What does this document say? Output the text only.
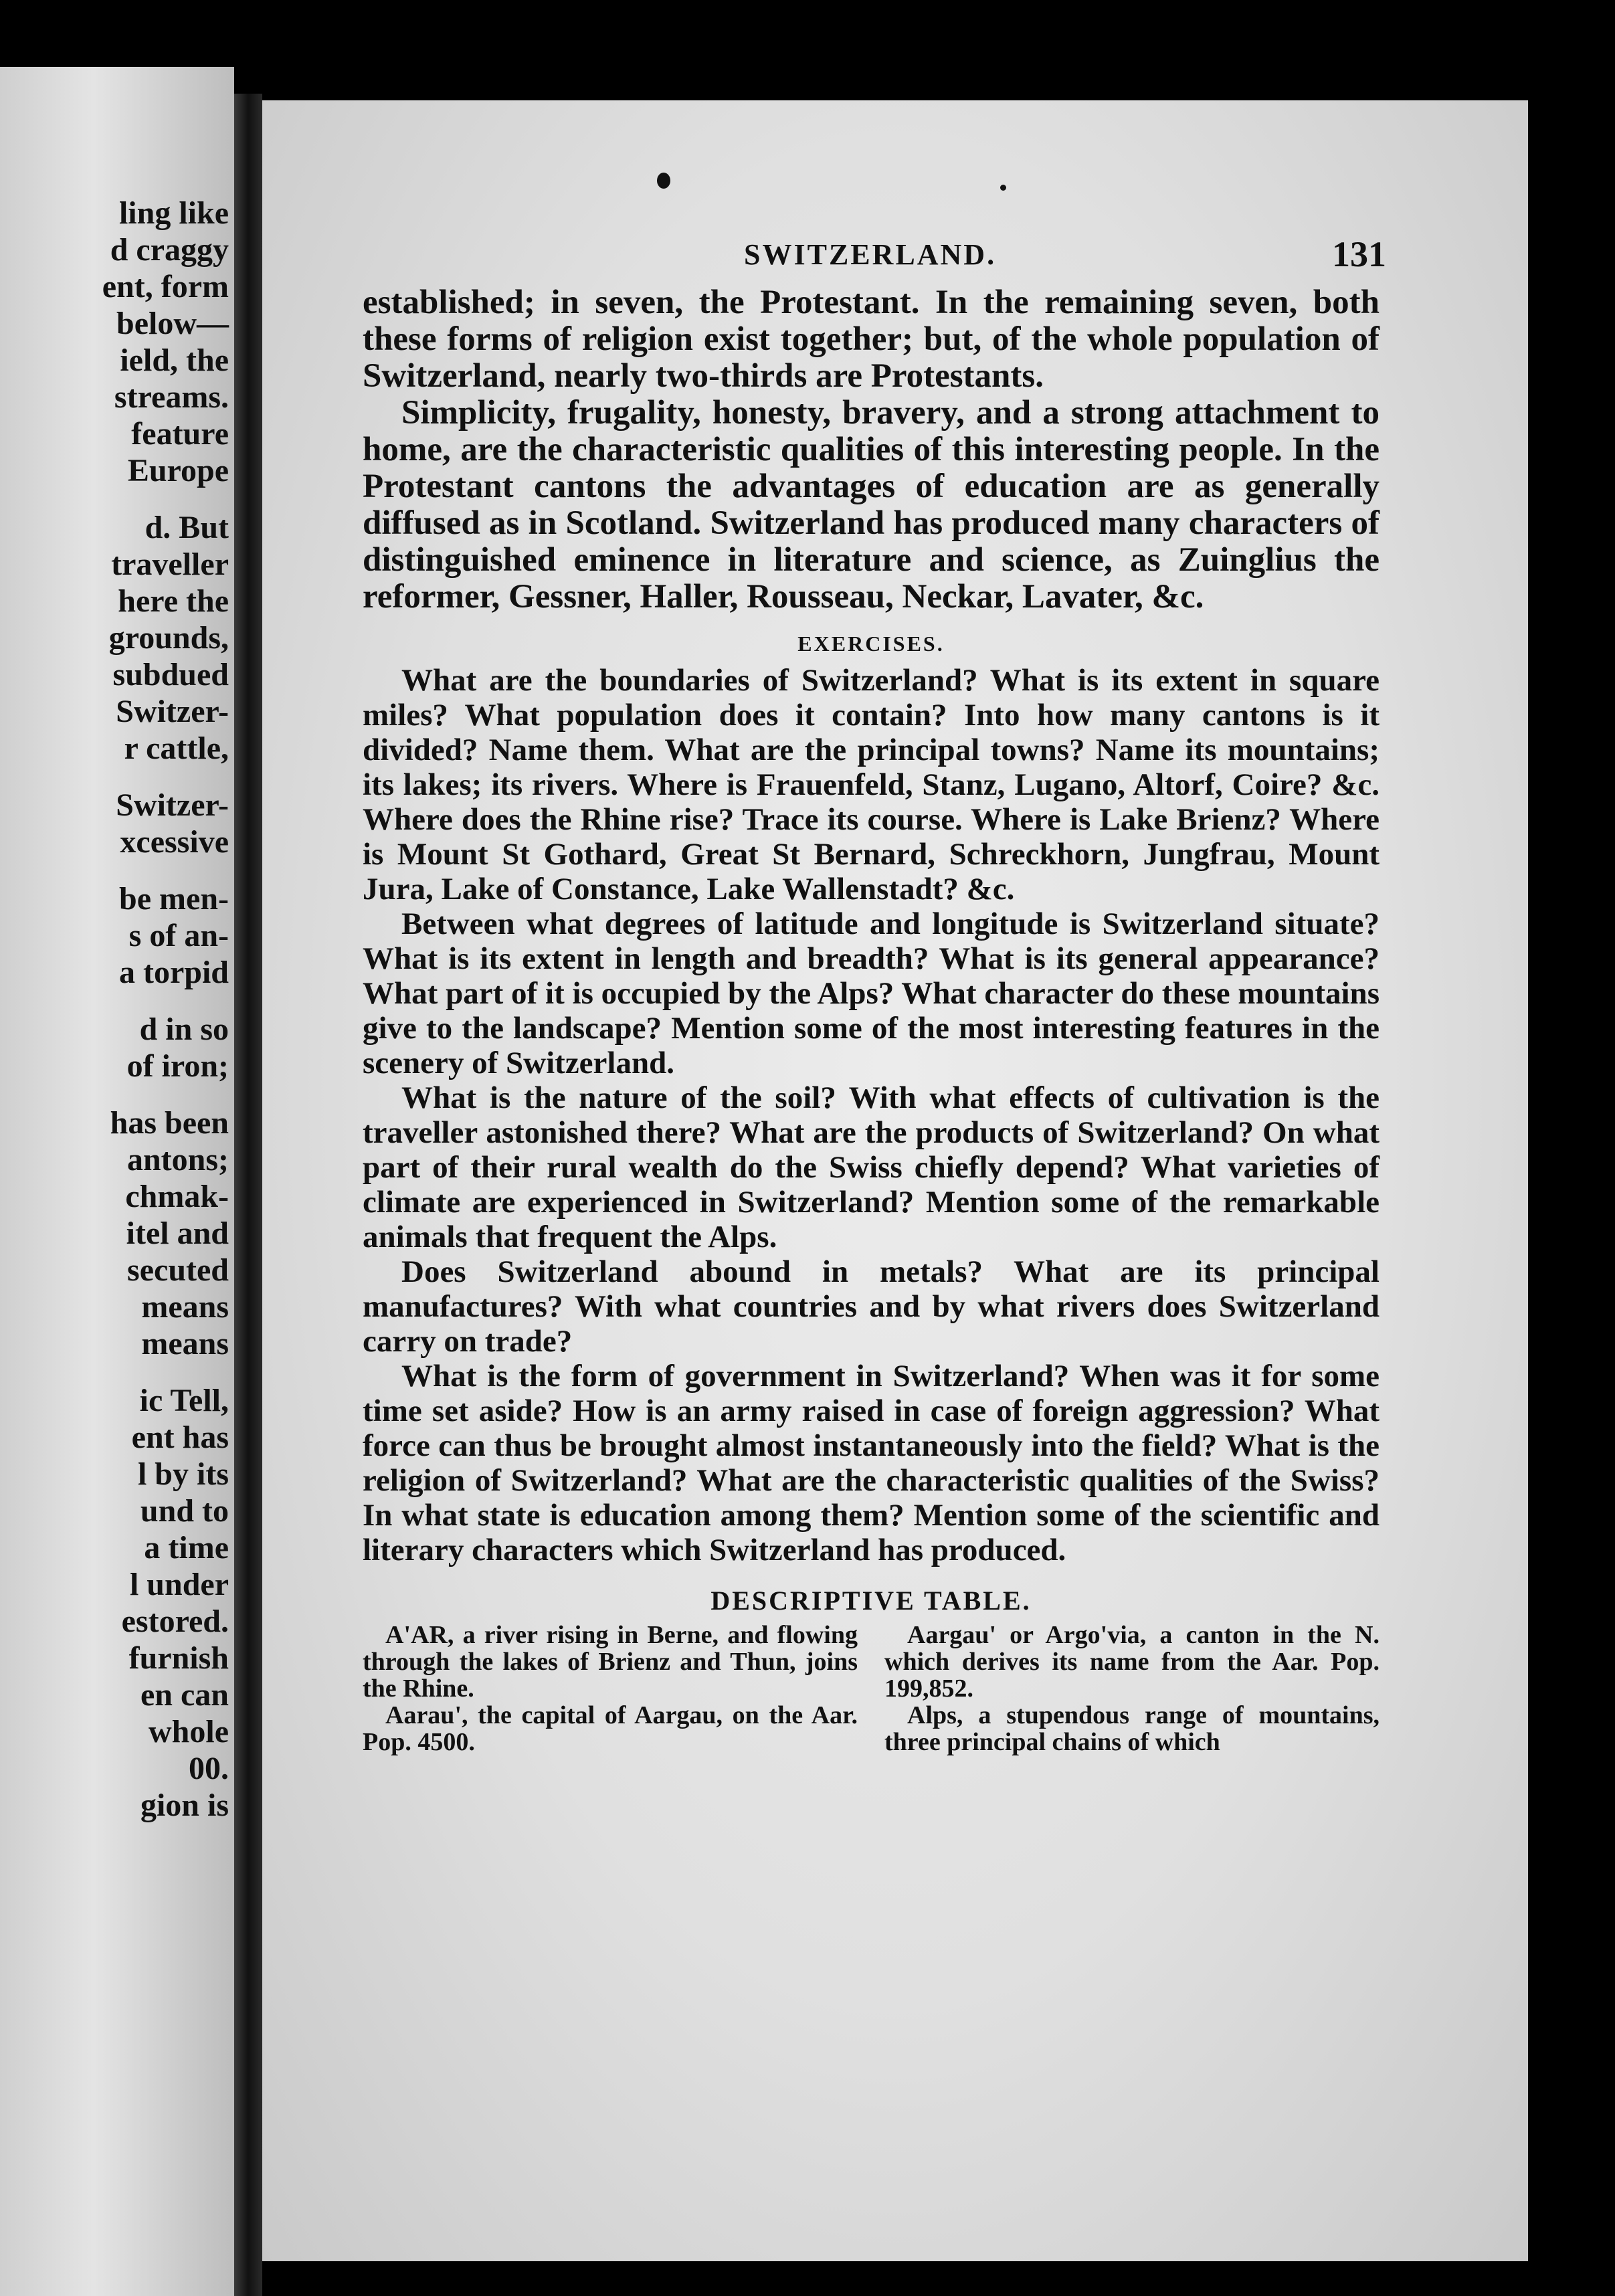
ling like
d craggy
ent, form
below—
ield, the
streams.
feature
Europe
d. But
traveller
here the
grounds,
subdued
Switzer-
r cattle,
Switzer-
xcessive
be men-
s of an-
a torpid
d in so
of iron;
has been
antons;
chmak-
itel and
secuted
means
means
ic Tell,
ent has
l by its
und to
a time
l under
estored.
furnish
en can
whole
00.
gion is
SWITZERLAND.	131

established; in seven, the Protestant. In the remaining seven, both these forms of religion exist together; but, of the whole population of Switzerland, nearly two-thirds are Protestants.

Simplicity, frugality, honesty, bravery, and a strong attachment to home, are the characteristic qualities of this interesting people. In the Protestant cantons the advantages of education are as generally diffused as in Scotland. Switzerland has produced many characters of distinguished eminence in literature and science, as Zuinglius the reformer, Gessner, Haller, Rousseau, Neckar, Lavater, &c.

EXERCISES.

What are the boundaries of Switzerland? What is its extent in square miles? What population does it contain? Into how many cantons is it divided? Name them. What are the principal towns? Name its mountains; its lakes; its rivers. Where is Frauenfeld, Stanz, Lugano, Altorf, Coire? &c. Where does the Rhine rise? Trace its course. Where is Lake Brienz? Where is Mount St Gothard, Great St Bernard, Schreckhorn, Jungfrau, Mount Jura, Lake of Constance, Lake Wallenstadt? &c.

Between what degrees of latitude and longitude is Switzerland situate? What is its extent in length and breadth? What is its general appearance? What part of it is occupied by the Alps? What character do these mountains give to the landscape? Mention some of the most interesting features in the scenery of Switzerland.

What is the nature of the soil? With what effects of cultivation is the traveller astonished there? What are the products of Switzerland? On what part of their rural wealth do the Swiss chiefly depend? What varieties of climate are experienced in Switzerland? Mention some of the remarkable animals that frequent the Alps.

Does Switzerland abound in metals? What are its principal manufactures? With what countries and by what rivers does Switzerland carry on trade?

What is the form of government in Switzerland? When was it for some time set aside? How is an army raised in case of foreign aggression? What force can thus be brought almost instantaneously into the field? What is the religion of Switzerland? What are the characteristic qualities of the Swiss? In what state is education among them? Mention some of the scientific and literary characters which Switzerland has produced.

DESCRIPTIVE TABLE.

A'AR, a river rising in Berne, and flowing through the lakes of Brienz and Thun, joins the Rhine.

Aarau', the capital of Aargau, on the Aar. Pop. 4500.

Aargau' or Argo'via, a canton in the N. which derives its name from the Aar. Pop. 199,852.

Alps, a stupendous range of mountains, three principal chains of which
